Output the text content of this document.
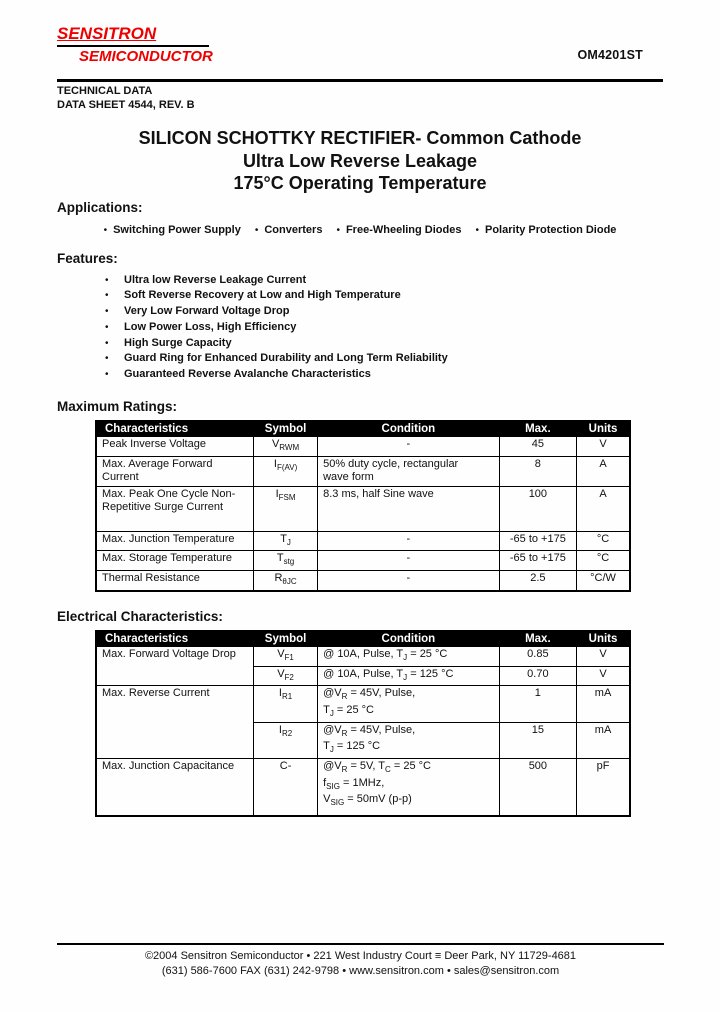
SENSITRON
SEMICONDUCTOR	OM4201ST
TECHNICAL DATA
DATA SHEET 4544, REV. B
SILICON SCHOTTKY RECTIFIER- Common Cathode
Ultra Low Reverse Leakage
175°C Operating Temperature
Applications:
• Switching Power Supply • Converters • Free-Wheeling Diodes • Polarity Protection Diode
Features:
•	Ultra low Reverse Leakage Current
•	Soft Reverse Recovery at Low and High Temperature
•	Very Low Forward Voltage Drop
•	Low Power Loss, High Efficiency
•	High Surge Capacity
•	Guard Ring for Enhanced Durability and Long Term Reliability
•	Guaranteed Reverse Avalanche Characteristics
Maximum Ratings:
Characteristics	Symbol	Condition	Max.	Units
Peak Inverse Voltage	$V_{RWM}$	-	45	V
Max. Average Forward Current	$I_{F(AV)}$	50% duty cycle, rectangular
wave form	8	A
Max. Peak One Cycle Non-Repetitive Surge Current	$I_{FSM}$	8.3 ms, half Sine wave	100	A
Max. Junction Temperature	$T_J$	-	-65 to +175	°C
Max. Storage Temperature	$T_{stg}$	-	-65 to +175	°C
Thermal Resistance	$R_{\theta JC}$	-	2.5	°C/W
Electrical Characteristics:
Characteristics	Symbol	Condition	Max.	Units
Max. Forward Voltage Drop	$V_{F1}$	@ 10A, Pulse, $T_J = 25$ °C	0.85	V
	$V_{F2}$	@ 10A, Pulse, $T_J = 125$ °C	0.70	V
Max. Reverse Current	$I_{R1}$	$@V_R = 45V$, Pulse,
$T_J = 25$ °C	1	mA
	$I_{R2}$	$@V_R = 45V$, Pulse,
$T_J = 125$ °C	15	mA
Max. Junction Capacitance	C-	$@V_R = 5V$, $T_C = 25$ °C
$f_{SIG} = 1MHz$,
$V_{SIG} = 50mV$ (p-p)	500	pF
©2004 Sensitron Semiconductor • 221 West Industry Court ≡ Deer Park, NY 11729-4681
(631) 586-7600 FAX (631) 242-9798 • www.sensitron.com • sales@sensitron.com
